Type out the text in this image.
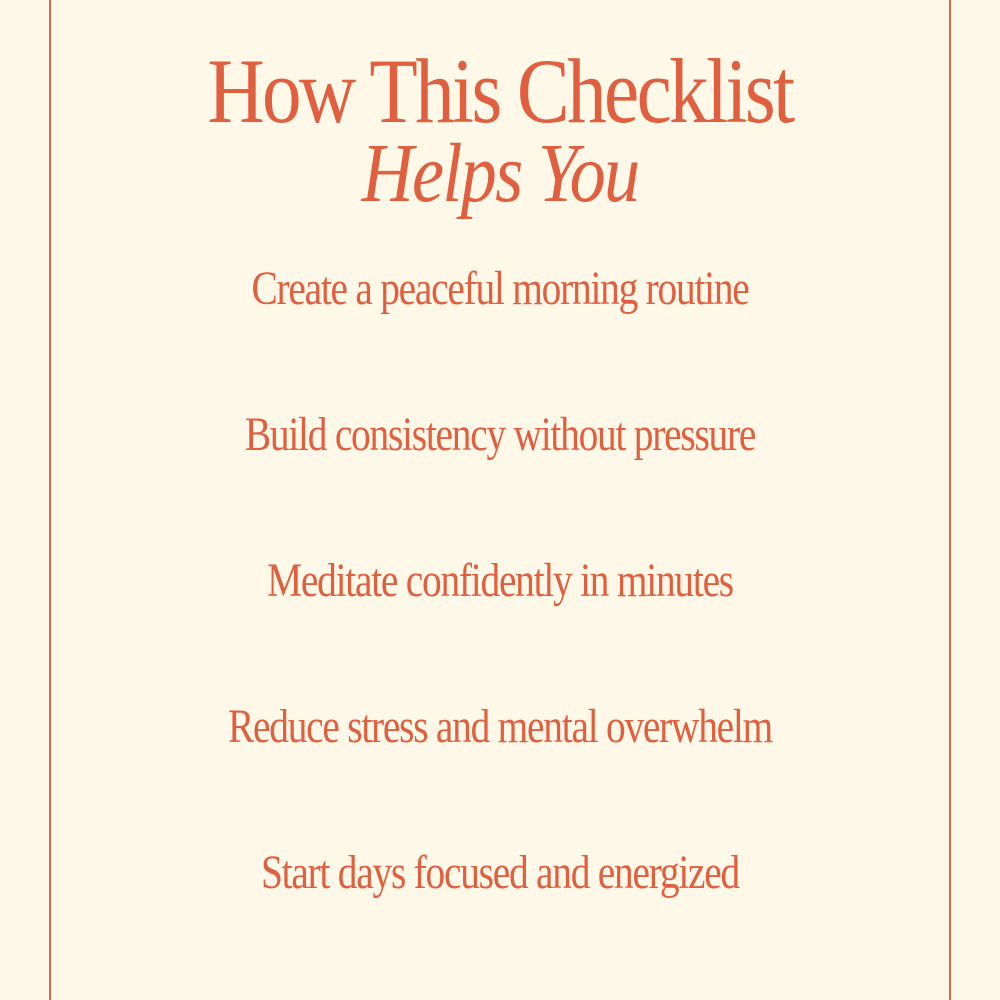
How This Checklist
Helps You
Create a peaceful morning routine
Build consistency without pressure
Meditate confidently in minutes
Reduce stress and mental overwhelm
Start days focused and energized
